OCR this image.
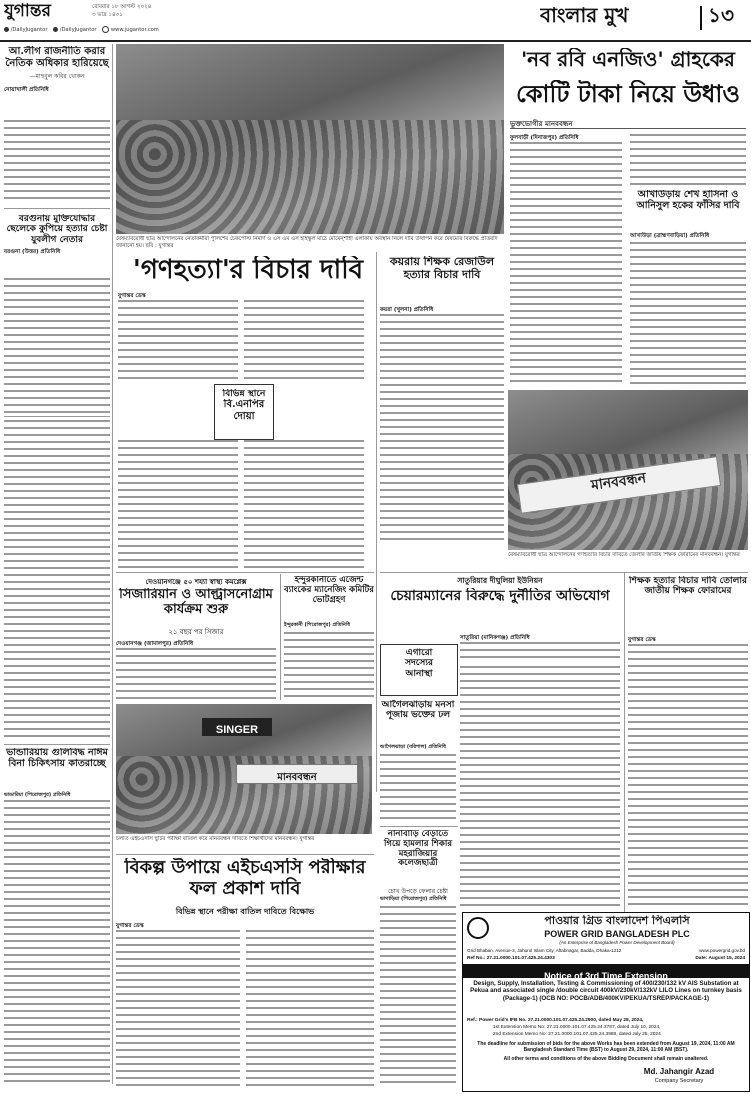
যুগান্তর	রোববার ১৮ আগস্ট ২০২৪
৩ ভাদ্র ১৪৩১
/DailyJugantor /DailyJugantor	www.jugantor.com
বাংলার মুখ	১৩
আ.লীগ রাজনীতি করার নৈতিক অধিকার হারিয়েছে
—মাহুবুল কবির খোকন
নোয়াখালী প্রতিনিধি
বৈষম্যবিরোধী ছাত্র আন্দোলনের নেতাকর্মীরা পুলিশের চেকপোস্ট নির্মাণ ও এস এম এস হাইস্কুল মাঠে মোমেন্‌শাহী এলাকায় অবস্থান নিলে দাবি উত্থাপন করে বৈষম্যের বিরুদ্ধে প্রতিবাদ জানানো হয়। ছবি : যুগান্তর
'নব রবি এনজিও' গ্রাহকের
কোটি টাকা নিয়ে উধাও
ভুক্তভোগীর মানববন্ধন
ফুলবাড়ী (দিনাজপুর) প্রতিনিধি
আখাউড়ায় শেখ হাসিনা ও আনিসুল হকের ফাঁসির দাবি
আখাউড়া (ব্রাহ্মণবাড়িয়া) প্রতিনিধি
বরগুনায় মুক্তিযোদ্ধার ছেলেকে কুপিয়ে হত্যার চেষ্টা যুবলীগ নেতার
বরগুনা (উত্তর) প্রতিনিধি
'গণহত্যা'র বিচার দাবি
যুগান্তর ডেস্ক
বিভিন্ন স্থানে
বি.এনপির
দোয়া
কয়রায় শিক্ষক রেজাউল হত্যার বিচার দাবি
কয়রা (খুলনা) প্রতিনিধি
মানববন্ধন
বৈষম্যবিরোধী ছাত্র আন্দোলনের গণহত্যার বিচার দাবিতে জেলার জাতীয় শিক্ষক ফোরামের মানববন্ধন। যুগান্তর
দেওয়ানগঞ্জে ৫০ শয্যা স্বাস্থ্য কমপ্লেক্স
সিজারিয়ান ও আল্ট্রাসনোগ্রাম কার্যক্রম শুরু
২১ বছর পর সিজার
দেওয়ানগঞ্জ (জামালপুর) প্রতিনিধি
ইন্দুরকানীতে এজেন্ট ব্যাংকের ম্যানেজিং কমিটির ভোটগ্রহণ
ইন্দুরকানী (পিরোজপুর) প্রতিনিধি
সাতুরিয়ার দীঘুলিয়া ইউনিয়ন
চেয়ারম্যানের বিরুদ্ধে দুর্নীতির অভিযোগ
সাতুরিয়া (মানিকগঞ্জ) প্রতিনিধি
এগারো
সদস্যের
আনাস্থা
আগৈলঝাড়ায় মনসা পূজায় ভক্তের ঢল
আগৈলঝাড়া (বরিশাল) প্রতিনিধি
শিক্ষক হত্যার বিচার দাবি তোলার জাতীয় শিক্ষক ফোরামের
যুগান্তর ডেস্ক
ভান্ডারিয়ায় গুলিবিদ্ধ নাঈম বিনা চিকিৎসায় কাতরাচ্ছে
ভান্ডারিয়া (পিরোজপুর) প্রতিনিধি
SINGER
মানববন্ধন
চলতি এইচএসসি ছুটির পরীক্ষা বাতিল করে মানববন্ধন দাবিতে শিক্ষার্থীদের মানববন্ধন। যুগান্তর	নানাবাড়ি বেড়াতে গিয়ে হামলার শিকার মহরাজিয়ার কলেজছাত্রী
চোখ উপড়ে ফেলার চেষ্টা
ভাগাড়িয়া (পিরোজপুর) প্রতিনিধি
বিকল্প উপায়ে এইচএসসি পরীক্ষার ফল প্রকাশ দাবি
বিভিন্ন স্থানে পরীক্ষা বাতিল দাবিতে বিক্ষোভ
যুগান্তর ডেস্ক	পাওয়ার গ্রিড বাংলাদেশ পিএলসি
POWER GRID BANGLADESH PLC
(An Enterprise of Bangladesh Power Development Board)
Grid Bhaban, Avenue-3, Jahurul Islam City, Aftabnagar, Badda, Dhaka-1212	www.powergrid.gov.bd
Ref No.: 27.21.0000.101.07.425.24.4303	Date: August 15, 2024
Notice of 3rd Time Extension
Design, Supply, Installation, Testing & Commissioning of 400/230/132 kV AIS Substation at Pekua and associated single /double circuit 400kV/230kV/132kV LILO Lines on turnkey basis (Package-1) (OCB NO: POCB/ADB/400KV/PEKUA/TSREP/PACKAGE-1)
Ref.: Power Grid's IFB No. 27.21.0000.101.07.425.24.2900, dated May 28, 2024,
1st Extension Memo No: 27.21.0000.101.07.425.24.3787, dated July 10, 2024,
2nd Extension Memo No: 27.21.0000.101.07.425.24.3988, dated July 25, 2024
The deadline for submission of bids for the above Works has been extended from August 19, 2024, 11:00 AM Bangladesh Standard Time (BST) to August 29, 2024, 11:00 AM (BST).
All other terms and conditions of the above Bidding Document shall remain unaltered.
Md. Jahangir Azad
Company Secretary
